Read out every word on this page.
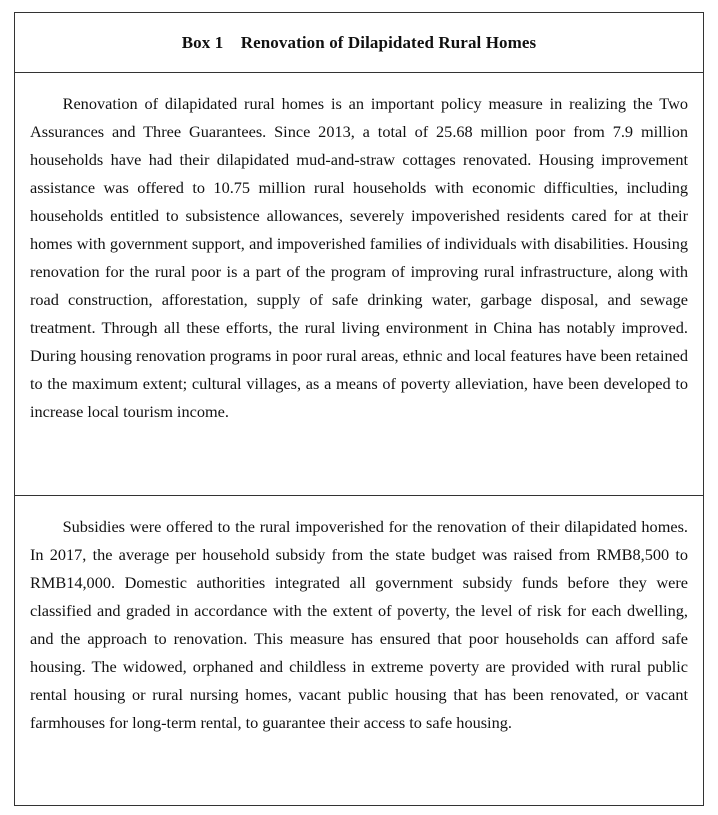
Box 1    Renovation of Dilapidated Rural Homes

Renovation of dilapidated rural homes is an important policy measure in realizing the Two Assurances and Three Guarantees. Since 2013, a total of 25.68 million poor from 7.9 million households have had their dilapidated mud-and-straw cottages renovated. Housing improvement assistance was offered to 10.75 million rural households with economic difficulties, including households entitled to subsistence allowances, severely impoverished residents cared for at their homes with government support, and impoverished families of individuals with disabilities. Housing renovation for the rural poor is a part of the program of improving rural infrastructure, along with road construction, afforestation, supply of safe drinking water, garbage disposal, and sewage treatment. Through all these efforts, the rural living environment in China has notably improved. During housing renovation programs in poor rural areas, ethnic and local features have been retained to the maximum extent; cultural villages, as a means of poverty alleviation, have been developed to increase local tourism income.

Subsidies were offered to the rural impoverished for the renovation of their dilapidated homes. In 2017, the average per household subsidy from the state budget was raised from RMB8,500 to RMB14,000. Domestic authorities integrated all government subsidy funds before they were classified and graded in accordance with the extent of poverty, the level of risk for each dwelling, and the approach to renovation. This measure has ensured that poor households can afford safe housing. The widowed, orphaned and childless in extreme poverty are provided with rural public rental housing or rural nursing homes, vacant public housing that has been renovated, or vacant farmhouses for long-term rental, to guarantee their access to safe housing.
